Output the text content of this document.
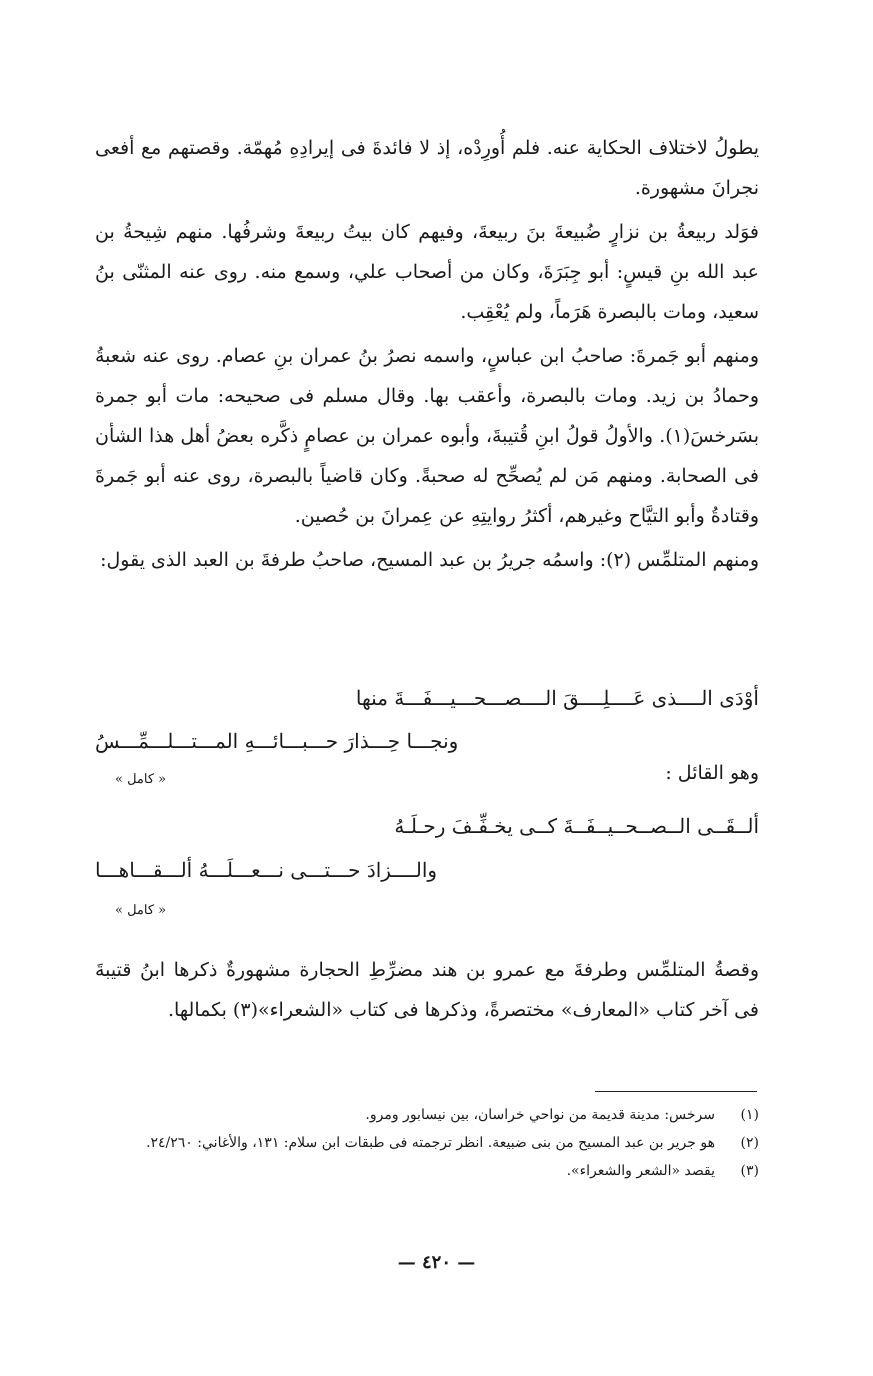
يطولُ لاختلاف الحكاية عنه. فلم أُورِدْه، إذ لا فائدةَ فى إيرادِهِ مُهمّة. وقصتهم مع أفعى نجرانَ مشهورة.

فوَلد ربيعةُ بن نزارٍ ضُبيعةَ بنَ ربيعةَ، وفيهم كان بيتُ ربيعةَ وشرفُها. منهم شِيحةُ بن عبد الله بنِ قيسٍ: أبو جِبَرَةَ، وكان من أصحاب علي، وسمع منه. روى عنه المثنّى بنُ سعيد، ومات بالبصرة هَرَماً، ولم يُعْقِب.

ومنهم أبو جَمرةَ: صاحبُ ابن عباسٍ، واسمه نصرُ بنُ عمران بنِ عصام. روى عنه شعبةُ وحمادُ بن زيد. ومات بالبصرة، وأعقب بها. وقال مسلم فى صحيحه: مات أبو جمرة بسَرخسَ(١). والأولُ قولُ ابنِ قُتيبةَ، وأبوه عمران بن عصامٍ ذكَّره بعضُ أهل هذا الشأن فى الصحابة. ومنهم مَن لم يُصحِّح له صحبةً. وكان قاضياً بالبصرة، روى عنه أبو جَمرةَ وقتادةُ وأبو التيَّاح وغيرهم، أكثرُ روايتِهِ عن عِمرانَ بن حُصين.

ومنهم المتلمِّس (٢): واسمُه جريرُ بن عبد المسيح، صاحبُ طرفةَ بن العبد الذى يقول:

أوْدَى الــــذى عَــــلِــــقَ الــــصـــحـــيـــفَـــةَ منها
ونجـــا حِـــذارَ حـــبـــائـــهِ المـــتـــلـــمِّـــسُ
« كامل »	وهو القائل :
ألــقَــى الــصــحــيــفَــةَ كــى يخـفِّـفَ رحـلَـهُ
والــــزادَ حـــتـــى نـــعـــلَـــهُ ألـــقـــاهـــا
« كامل »

وقصةُ المتلمِّس وطرفةَ مع عمرو بن هند مضرِّطِ الحجارة مشهورةٌ ذكرها ابنُ قتيبةَ فى آخر كتاب «المعارف» مختصرةً، وذكرها فى كتاب «الشعراء»(٣) بكمالها.

(١)
سرخس: مدينة قديمة من نواحي خراسان، بين نيسابور ومرو.
(٢)
هو جرير بن عبد المسيح من بنى ضبيعة. انظر ترجمته فى طبقات ابن سلام: ١٣١، والأغاني: ٢٤/٢٦٠.
(٣)
يقصد «الشعر والشعراء».
— ٤٢٠ —
